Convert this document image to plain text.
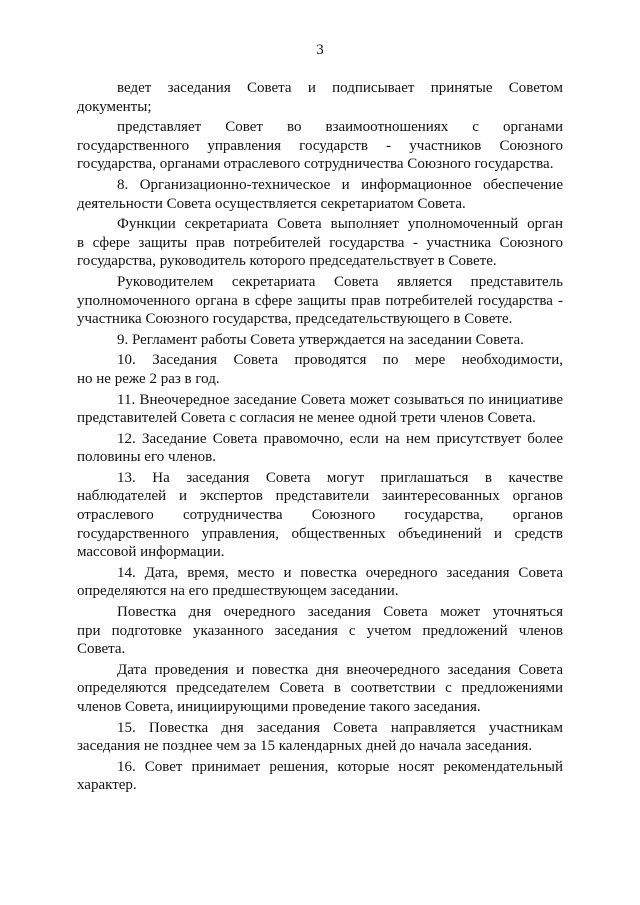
3
ведет заседания Совета и подписывает принятые Советом
документы;
представляет Совет во взаимоотношениях с органами
государственного управления государств - участников Союзного
государства, органами отраслевого сотрудничества Союзного государства.
8. Организационно-техническое и информационное обеспечение
деятельности Совета осуществляется секретариатом Совета.
Функции секретариата Совета выполняет уполномоченный орган
в сфере защиты прав потребителей государства - участника Союзного
государства, руководитель которого председательствует в Совете.
Руководителем секретариата Совета является представитель
уполномоченного органа в сфере защиты прав потребителей государства -
участника Союзного государства, председательствующего в Совете.
9. Регламент работы Совета утверждается на заседании Совета.
10. Заседания Совета проводятся по мере необходимости,
но не реже 2 раз в год.
11. Внеочередное заседание Совета может созываться по инициативе
представителей Совета с согласия не менее одной трети членов Совета.
12. Заседание Совета правомочно, если на нем присутствует более
половины его членов.
13. На заседания Совета могут приглашаться в качестве
наблюдателей и экспертов представители заинтересованных органов
отраслевого сотрудничества Союзного государства, органов
государственного управления, общественных объединений и средств
массовой информации.
14. Дата, время, место и повестка очередного заседания Совета
определяются на его предшествующем заседании.
Повестка дня очередного заседания Совета может уточняться
при подготовке указанного заседания с учетом предложений членов
Совета.
Дата проведения и повестка дня внеочередного заседания Совета
определяются председателем Совета в соответствии с предложениями
членов Совета, инициирующими проведение такого заседания.
15. Повестка дня заседания Совета направляется участникам
заседания не позднее чем за 15 календарных дней до начала заседания.
16. Совет принимает решения, которые носят рекомендательный
характер.
